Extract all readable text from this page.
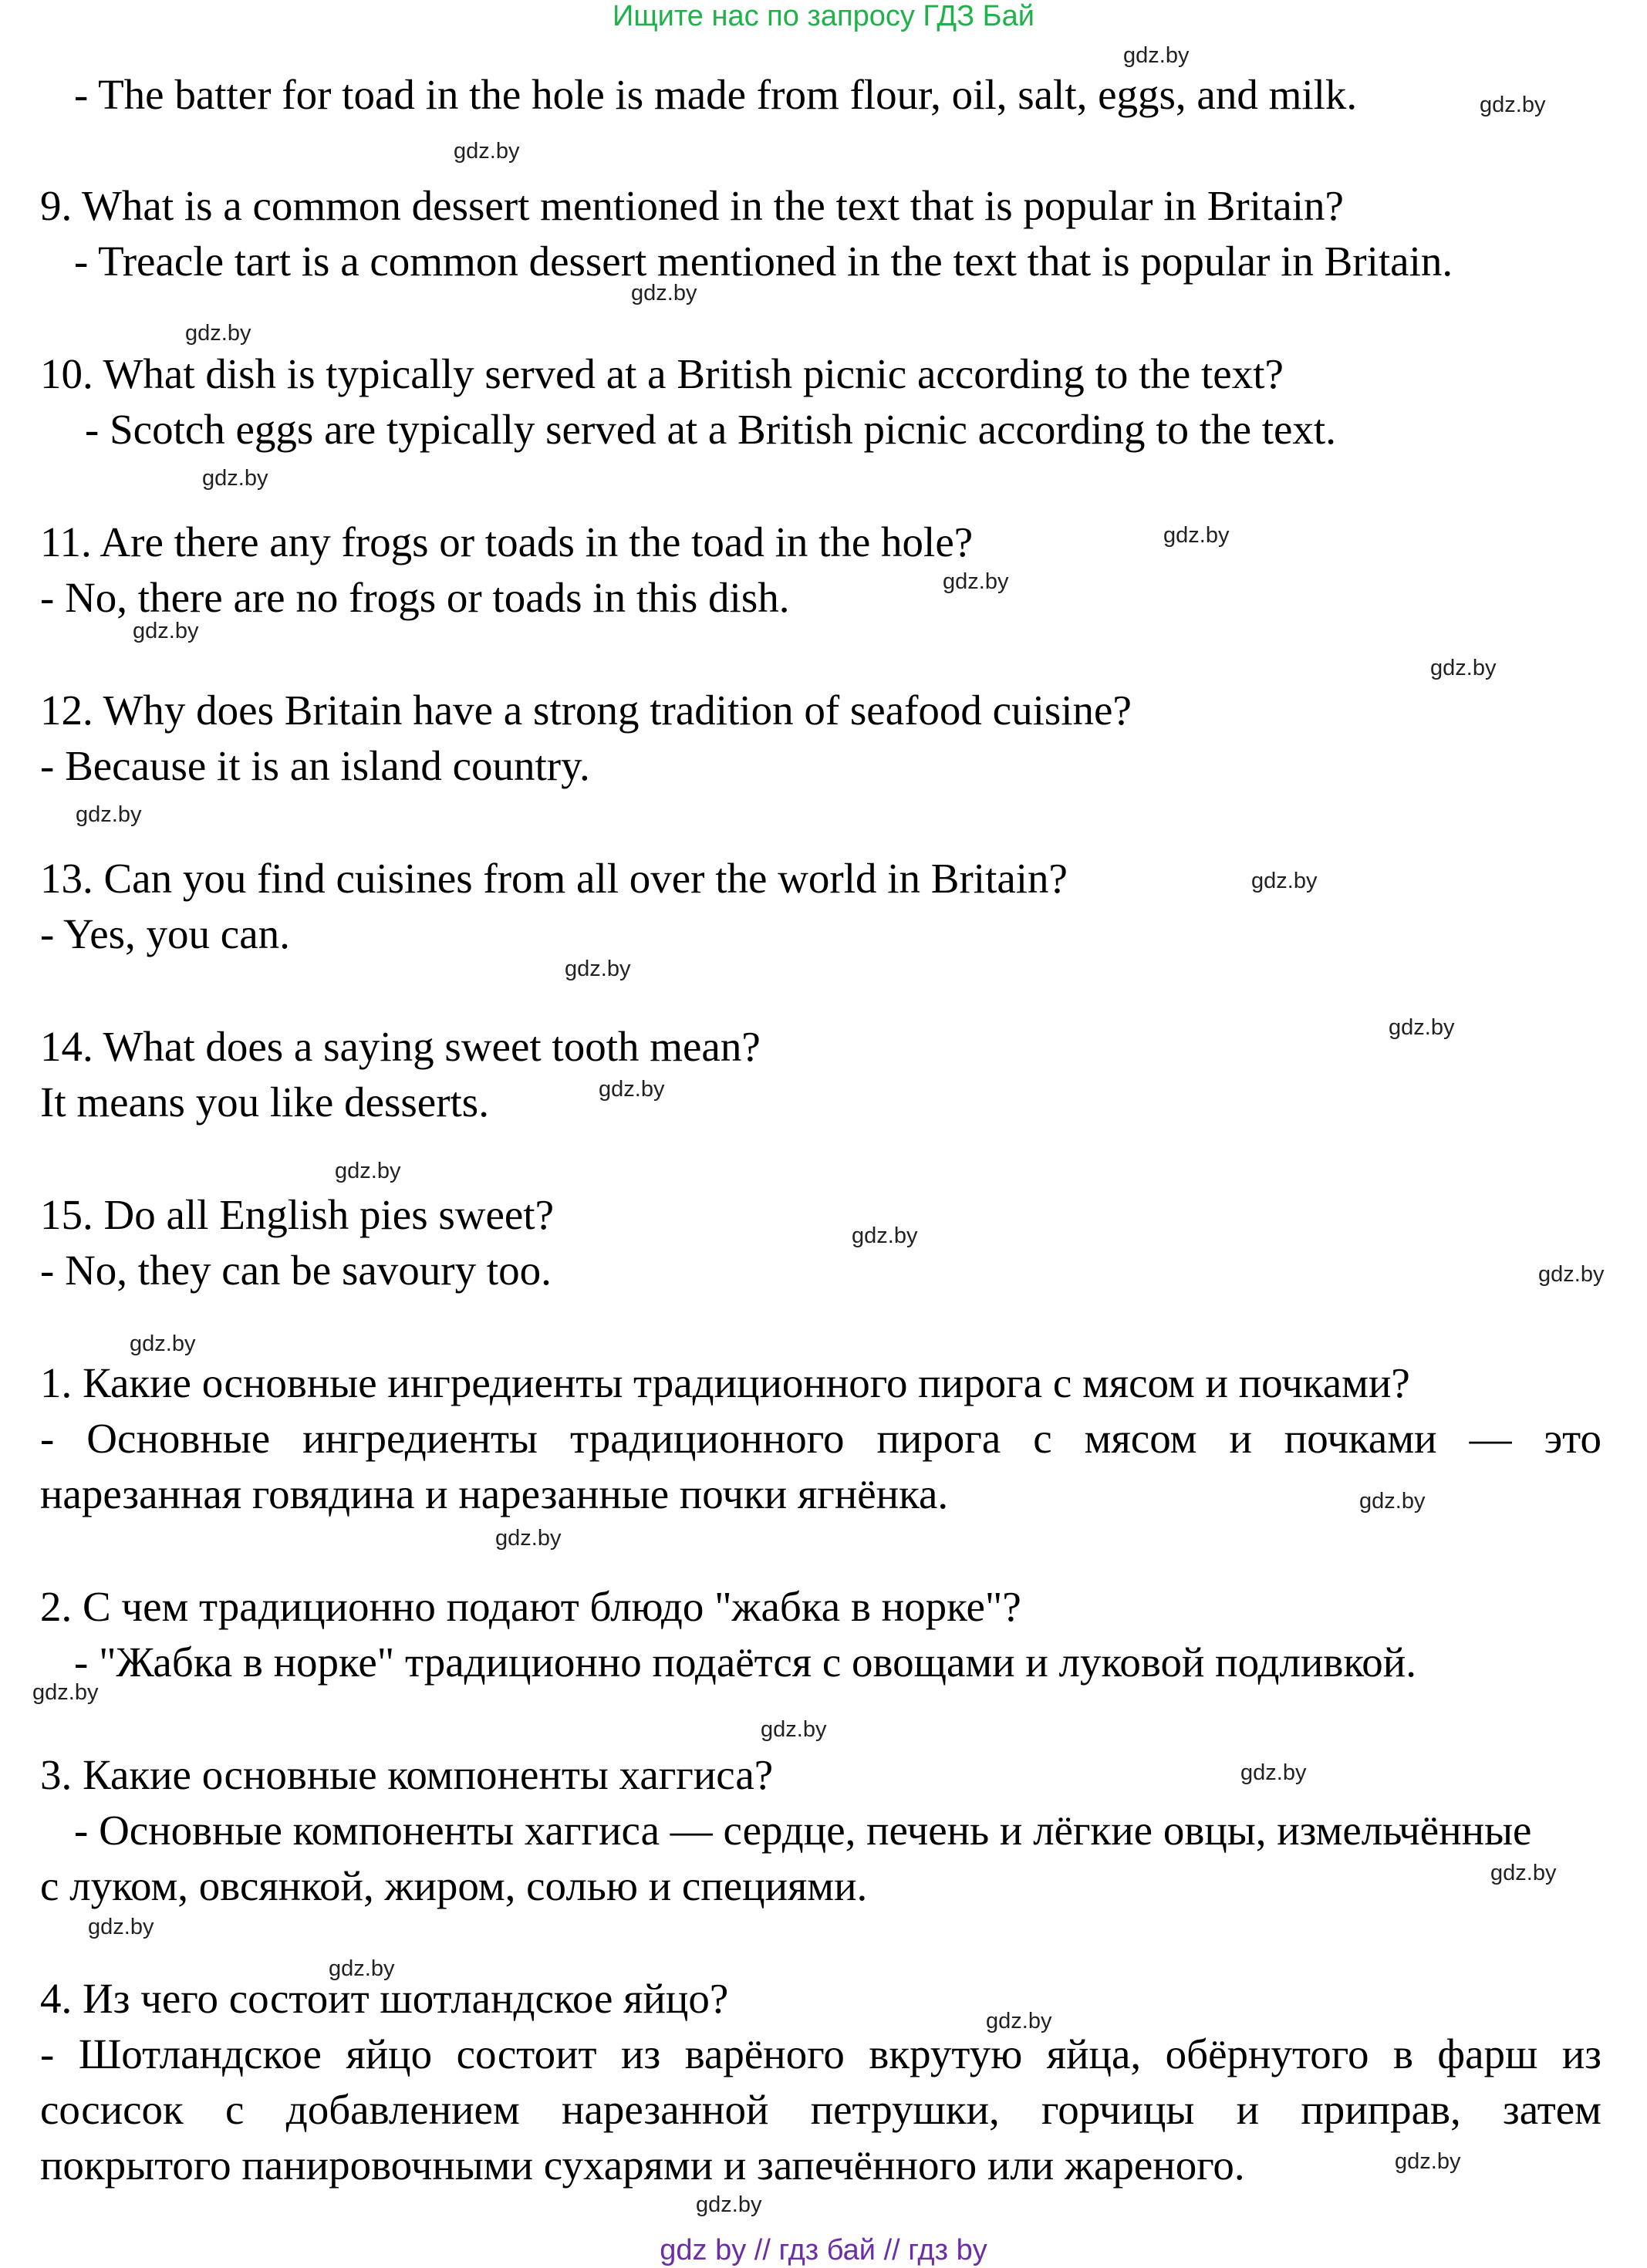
Ищите нас по запросу ГДЗ Бай
- The batter for toad in the hole is made from flour, oil, salt, eggs, and milk.
9. What is a common dessert mentioned in the text that is popular in Britain?
- Treacle tart is a common dessert mentioned in the text that is popular in Britain.
10. What dish is typically served at a British picnic according to the text?
- Scotch eggs are typically served at a British picnic according to the text.
11. Are there any frogs or toads in the toad in the hole?
- No, there are no frogs or toads in this dish.
12. Why does Britain have a strong tradition of seafood cuisine?
- Because it is an island country.
13. Can you find cuisines from all over the world in Britain?
- Yes, you can.
14. What does a saying sweet tooth mean?
It means you like desserts.
15. Do all English pies sweet?
- No, they can be savoury too.
1. Какие основные ингредиенты традиционного пирога с мясом и почками?
- Основные ингредиенты традиционного пирога с мясом и почками — это
нарезанная говядина и нарезанные почки ягнёнка.
2. С чем традиционно подают блюдо "жабка в норке"?
- "Жабка в норке" традиционно подаётся с овощами и луковой подливкой.
3. Какие основные компоненты хаггиса?
- Основные компоненты хаггиса — сердце, печень и лёгкие овцы, измельчённые
с луком, овсянкой, жиром, солью и специями.
4. Из чего состоит шотландское яйцо?
- Шотландское яйцо состоит из варёного вкрутую яйца, обёрнутого в фарш из
сосисок с добавлением нарезанной петрушки, горчицы и приправ, затем
покрытого панировочными сухарями и запечённого или жареного.
gdz.by
gdz.by
gdz.by
gdz.by
gdz.by
gdz.by
gdz.by
gdz.by
gdz.by
gdz.by
gdz.by
gdz.by
gdz.by
gdz.by
gdz.by
gdz.by
gdz.by
gdz.by
gdz.by
gdz.by
gdz.by
gdz.by
gdz.by
gdz.by
gdz.by
gdz.by
gdz.by
gdz.by
gdz.by
gdz.by
gdz by // гдз бай // гдз by
